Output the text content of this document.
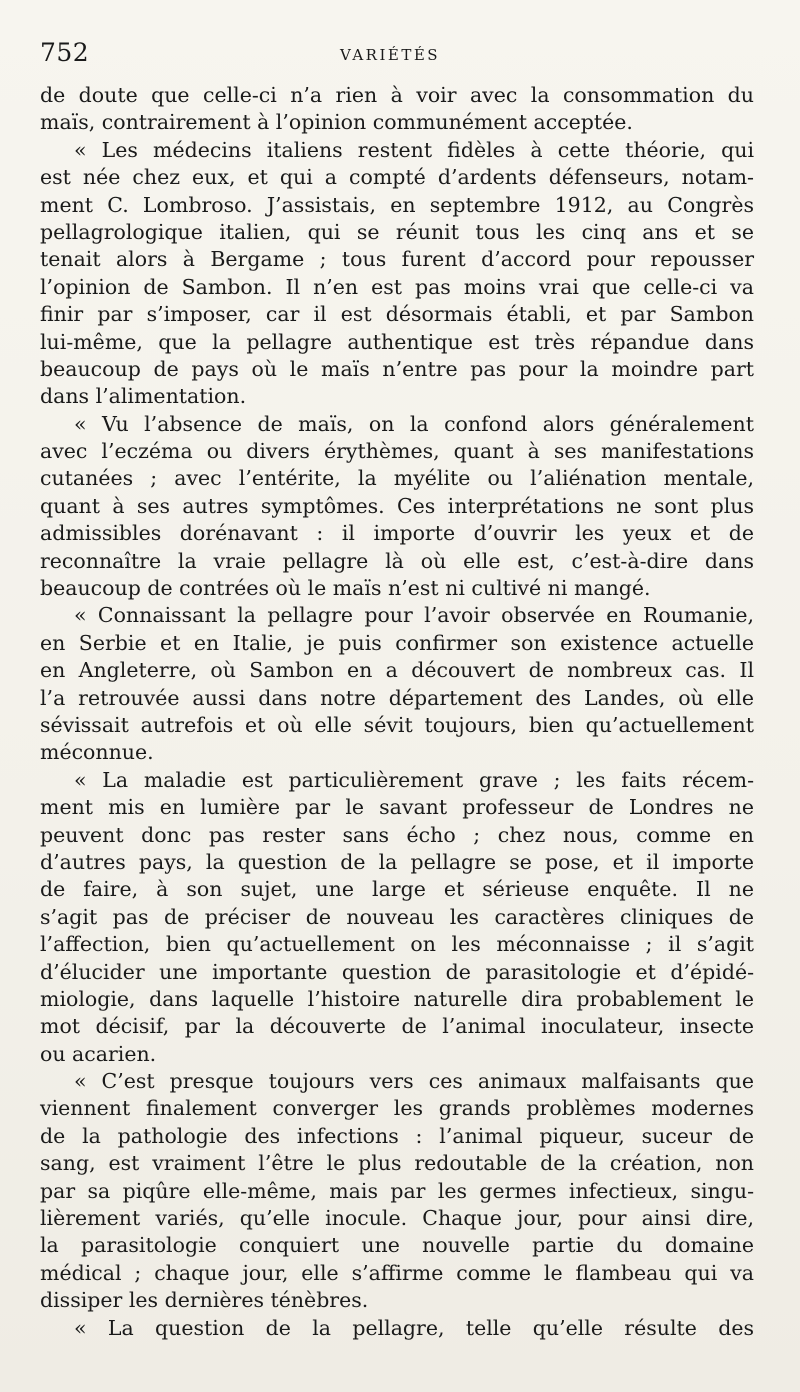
752	VARIÉTÉS
de doute que celle-ci n’a rien à voir avec la consommation du
maïs, contrairement à l’opinion communément acceptée.
« Les médecins italiens restent fidèles à cette théorie, qui
est née chez eux, et qui a compté d’ardents défenseurs, notam-
ment C. Lombroso. J’assistais, en septembre 1912, au Congrès
pellagrologique italien, qui se réunit tous les cinq ans et se
tenait alors à Bergame ; tous furent d’accord pour repousser
l’opinion de Sambon. Il n’en est pas moins vrai que celle-ci va
finir par s’imposer, car il est désormais établi, et par Sambon
lui-même, que la pellagre authentique est très répandue dans
beaucoup de pays où le maïs n’entre pas pour la moindre part
dans l’alimentation.
« Vu l’absence de maïs, on la confond alors généralement
avec l’eczéma ou divers érythèmes, quant à ses manifestations
cutanées ; avec l’entérite, la myélite ou l’aliénation mentale,
quant à ses autres symptômes. Ces interprétations ne sont plus
admissibles dorénavant : il importe d’ouvrir les yeux et de
reconnaître la vraie pellagre là où elle est, c’est-à-dire dans
beaucoup de contrées où le maïs n’est ni cultivé ni mangé.
« Connaissant la pellagre pour l’avoir observée en Roumanie,
en Serbie et en Italie, je puis confirmer son existence actuelle
en Angleterre, où Sambon en a découvert de nombreux cas. Il
l’a retrouvée aussi dans notre département des Landes, où elle
sévissait autrefois et où elle sévit toujours, bien qu’actuellement
méconnue.
« La maladie est particulièrement grave ; les faits récem-
ment mis en lumière par le savant professeur de Londres ne
peuvent donc pas rester sans écho ; chez nous, comme en
d’autres pays, la question de la pellagre se pose, et il importe
de faire, à son sujet, une large et sérieuse enquête. Il ne
s’agit pas de préciser de nouveau les caractères cliniques de
l’affection, bien qu’actuellement on les méconnaisse ; il s’agit
d’élucider une importante question de parasitologie et d’épidé-
miologie, dans laquelle l’histoire naturelle dira probablement le
mot décisif, par la découverte de l’animal inoculateur, insecte
ou acarien.
« C’est presque toujours vers ces animaux malfaisants que
viennent finalement converger les grands problèmes modernes
de la pathologie des infections : l’animal piqueur, suceur de
sang, est vraiment l’être le plus redoutable de la création, non
par sa piqûre elle-même, mais par les germes infectieux, singu-
lièrement variés, qu’elle inocule. Chaque jour, pour ainsi dire,
la parasitologie conquiert une nouvelle partie du domaine
médical ; chaque jour, elle s’affirme comme le flambeau qui va
dissiper les dernières ténèbres.
« La question de la pellagre, telle qu’elle résulte des
